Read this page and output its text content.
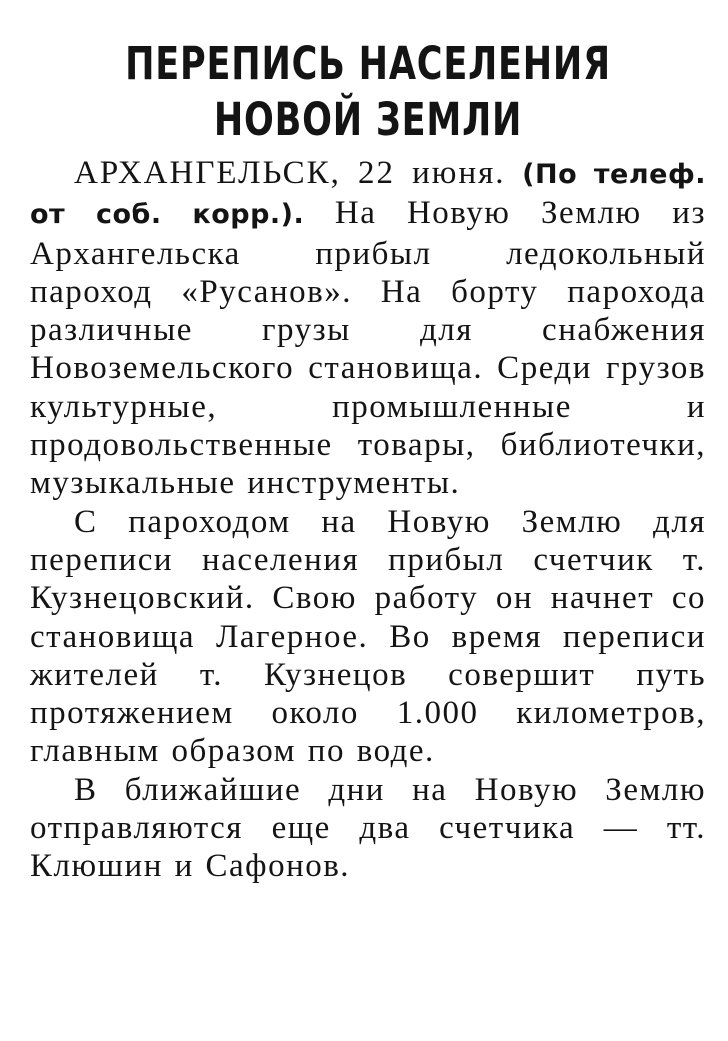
ПЕРЕПИСЬ НАСЕЛЕНИЯ
НОВОЙ ЗЕМЛИ

АРХАНГЕЛЬСК, 22 июня. (По телеф. от соб. корр.). На Новую Землю из Архангельска прибыл ледокольный пароход «Русанов». На борту парохода различные грузы для снабжения Новоземельского становища. Среди грузов культурные, промышленные и продовольственные товары, библиотечки, музыкальные инструменты.

С пароходом на Новую Землю для переписи населения прибыл счетчик т. Кузнецовский. Свою работу он начнет со становища Лагерное. Во время переписи жителей т. Кузнецов совершит путь протяжением около 1.000 километров, главным образом по воде.

В ближайшие дни на Новую Землю отправляются еще два счетчика — тт. Клюшин и Сафонов.
